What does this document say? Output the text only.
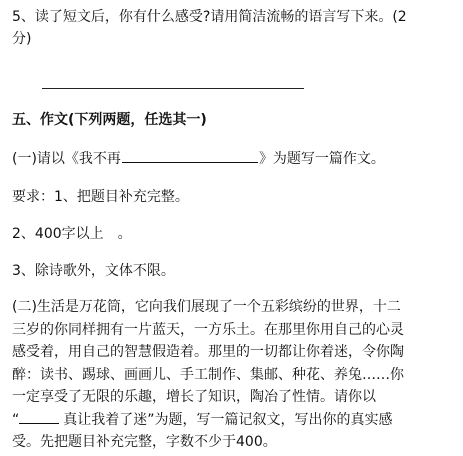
5、读了短文后，你有什么感受?请用简洁流畅的语言写下来。(2
分)
五、作文(下列两题，任选其一)
(一)请以《我不再	》为题写一篇作文。
要求：1、把题目补充完整。
2、400字以上　。
3、除诗歌外，文体不限。
(二)生活是万花筒，它向我们展现了一个五彩缤纷的世界，十二
三岁的你同样拥有一片蓝天，一方乐土。在那里你用自己的心灵
感受着，用自己的智慧假造着。那里的一切都让你着迷，令你陶
醉：读书、踢球、画画儿、手工制作、集邮、种花、养兔……你
一定享受了无限的乐趣，增长了知识，陶冶了性情。请你以
“	真让我着了迷”为题，写一篇记叙文，写出你的真实感
受。先把题目补充完整，字数不少于400。
